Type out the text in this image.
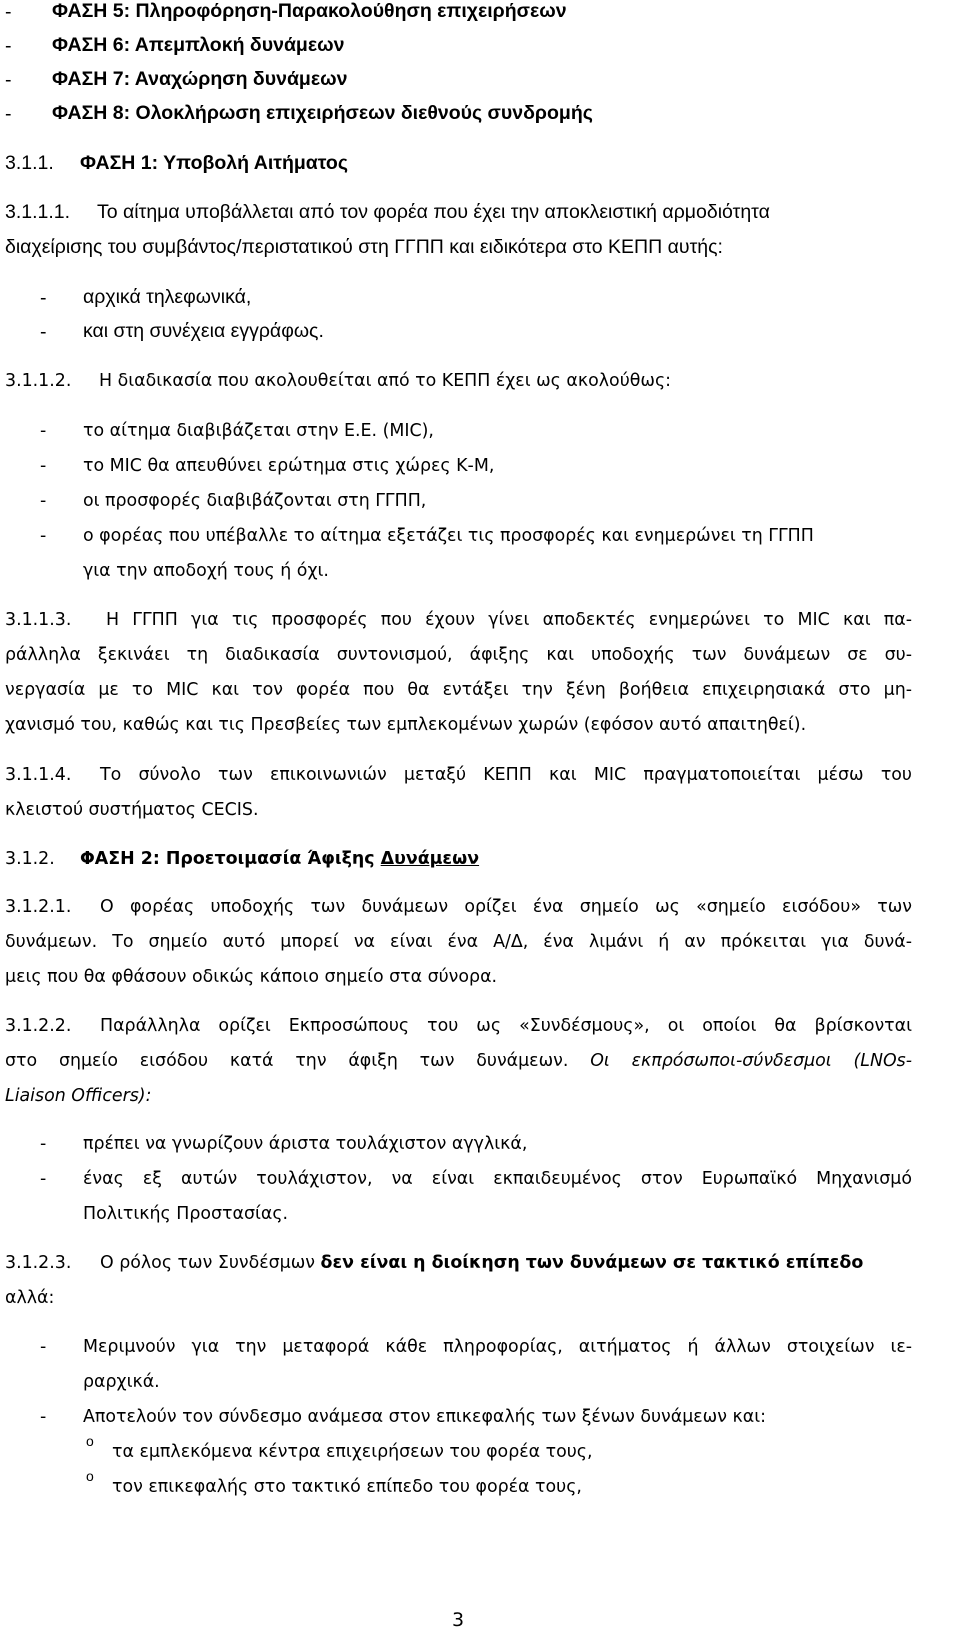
- ΦΑΣΗ 5: Πληροφόρηση-Παρακολούθηση επιχειρήσεων
- ΦΑΣΗ 6: Απεμπλοκή δυνάμεων
- ΦΑΣΗ 7: Αναχώρηση δυνάμεων
- ΦΑΣΗ 8: Ολοκλήρωση επιχειρήσεων διεθνούς συνδρομής
3.1.1. ΦΑΣΗ 1: Υποβολή Αιτήματος
3.1.1.1. Το αίτημα υποβάλλεται από τον φορέα που έχει την αποκλειστική αρμοδιότητα
διαχείρισης του συμβάντος/περιστατικού στη ΓΓΠΠ και ειδικότερα στο ΚΕΠΠ αυτής:
- αρχικά τηλεφωνικά,
- και στη συνέχεια εγγράφως.
3.1.1.2. Η διαδικασία που ακολουθείται από το ΚΕΠΠ έχει ως ακολούθως:
- το αίτημα διαβιβάζεται στην Ε.Ε. (MIC),
- το MIC θα απευθύνει ερώτημα στις χώρες Κ-Μ,
- οι προσφορές διαβιβάζονται στη ΓΓΠΠ,
- ο φορέας που υπέβαλλε το αίτημα εξετάζει τις προσφορές και ενημερώνει τη ΓΓΠΠ
για την αποδοχή τους ή όχι.
3.1.1.3. Η ΓΓΠΠ για τις προσφορές που έχουν γίνει αποδεκτές ενημερώνει το MIC και πα-
ράλληλα ξεκινάει τη διαδικασία συντονισμού, άφιξης και υποδοχής των δυνάμεων σε συ-
νεργασία με το MIC και τον φορέα που θα εντάξει την ξένη βοήθεια επιχειρησιακά στο μη-
χανισμό του, καθώς και τις Πρεσβείες των εμπλεκομένων χωρών (εφόσον αυτό απαιτηθεί).
3.1.1.4. Το σύνολο των επικοινωνιών μεταξύ ΚΕΠΠ και MIC πραγματοποιείται μέσω του
κλειστού συστήματος CECIS.
3.1.2. ΦΑΣΗ 2: Προετοιμασία Άφιξης Δυνάμεων
3.1.2.1. Ο φορέας υποδοχής των δυνάμεων ορίζει ένα σημείο ως «σημείο εισόδου» των
δυνάμεων. Το σημείο αυτό μπορεί να είναι ένα Α/Δ, ένα λιμάνι ή αν πρόκειται για δυνά-
μεις που θα φθάσουν οδικώς κάποιο σημείο στα σύνορα.
3.1.2.2. Παράλληλα ορίζει Εκπροσώπους του ως «Συνδέσμους», οι οποίοι θα βρίσκονται
στο σημείο εισόδου κατά την άφιξη των δυνάμεων. Οι εκπρόσωποι-σύνδεσμοι (LNOs-
Liaison Officers):
- πρέπει να γνωρίζουν άριστα τουλάχιστον αγγλικά,
- ένας εξ αυτών τουλάχιστον, να είναι εκπαιδευμένος στον Ευρωπαϊκό Μηχανισμό
Πολιτικής Προστασίας.
3.1.2.3. Ο ρόλος των Συνδέσμων δεν είναι η διοίκηση των δυνάμεων σε τακτικό επίπεδο
αλλά:
- Μεριμνούν για την μεταφορά κάθε πληροφορίας, αιτήματος ή άλλων στοιχείων ιε-
ραρχικά.
- Αποτελούν τον σύνδεσμο ανάμεσα στον επικεφαλής των ξένων δυνάμεων και:
o
τα εμπλεκόμενα κέντρα επιχειρήσεων του φορέα τους,
o
τον επικεφαλής στο τακτικό επίπεδο του φορέα τους,
3
